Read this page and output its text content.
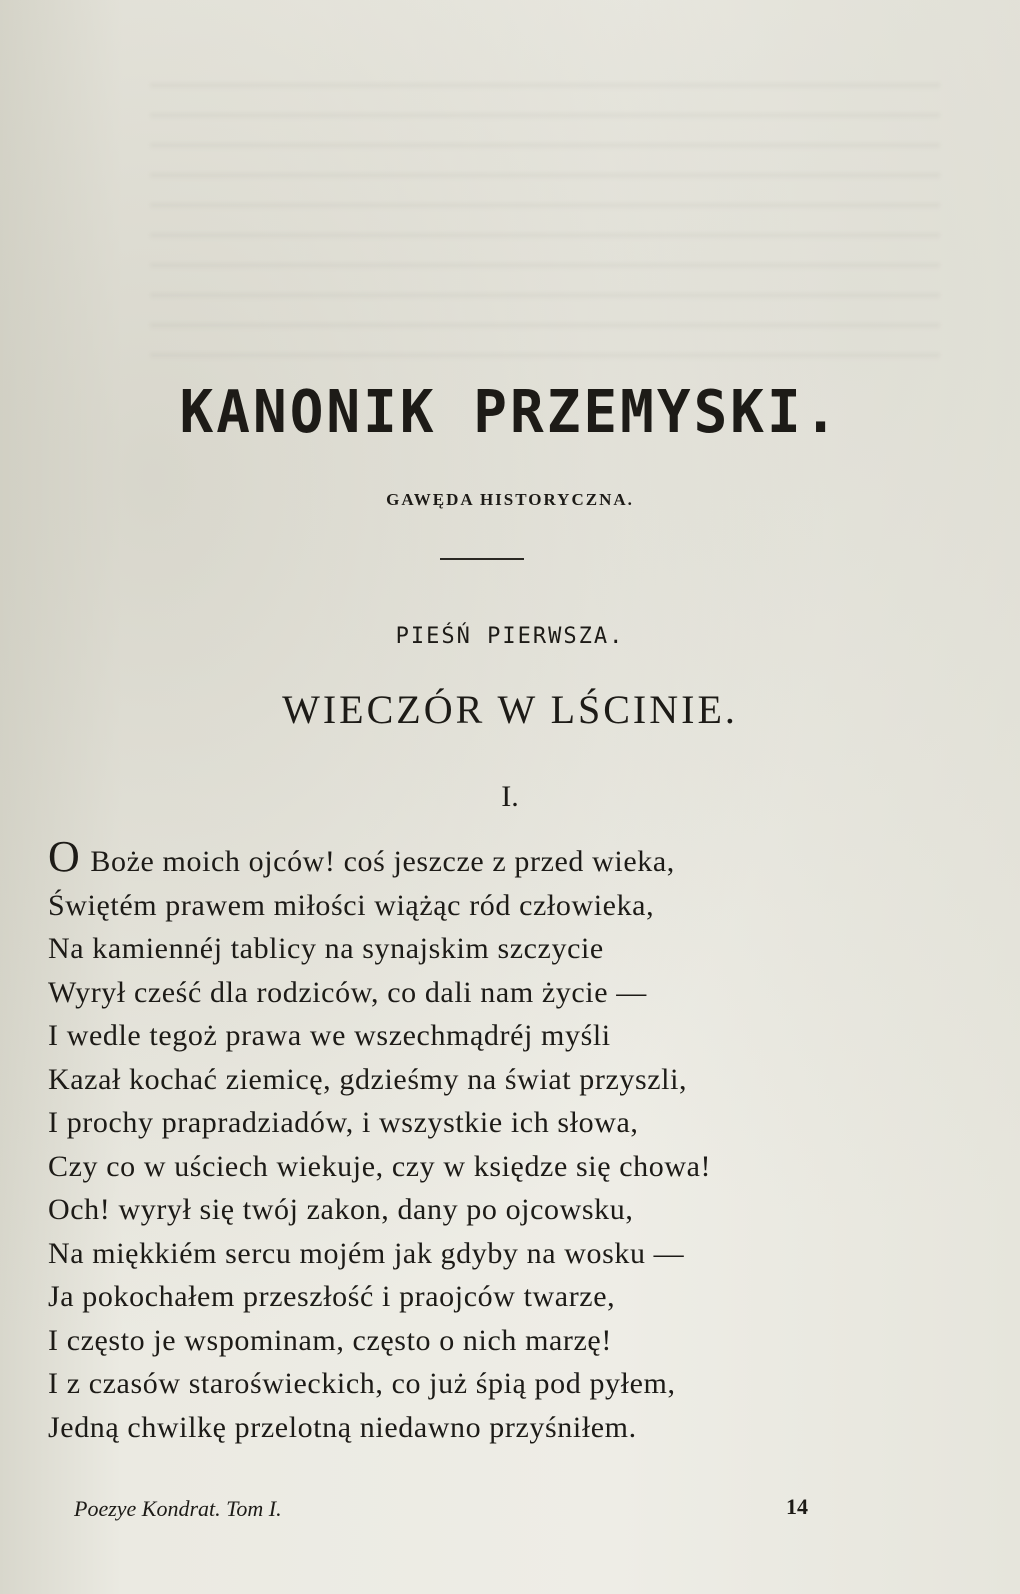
KANONIK PRZEMYSKI.
GAWĘDA HISTORYCZNA.
PIEŚŃ PIERWSZA.
WIECZÓR W LŚCINIE.
I.
O Boże moich ojców! coś jeszcze z przed wieka,
Świętém prawem miłości wiążąc ród człowieka,
Na kamiennéj tablicy na synajskim szczycie
Wyrył cześć dla rodziców, co dali nam życie —
I wedle tegoż prawa we wszechmądréj myśli
Kazał kochać ziemicę, gdzieśmy na świat przyszli,
I prochy prapradziadów, i wszystkie ich słowa,
Czy co w uściech wiekuje, czy w księdze się chowa!
Och! wyrył się twój zakon, dany po ojcowsku,
Na miękkiém sercu mojém jak gdyby na wosku —
Ja pokochałem przeszłość i praojców twarze,
I często je wspominam, często o nich marzę!
I z czasów staroświeckich, co już śpią pod pyłem,
Jedną chwilkę przelotną niedawno przyśniłem.
Poezye Kondrat. Tom I.	14
